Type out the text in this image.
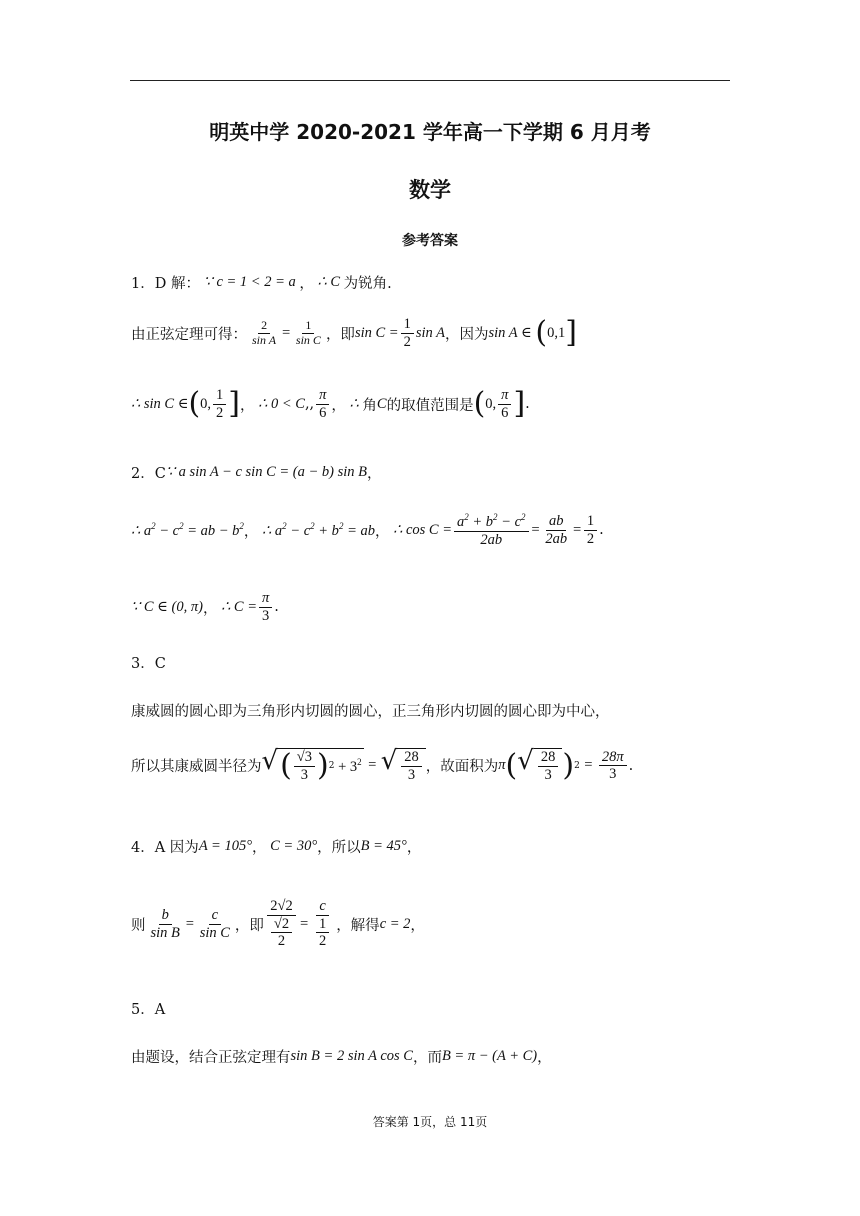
明英中学 2020-2021 学年高一下学期 6 月月考
数学
参考答案
1．D 解： ∵ c = 1 < 2 = a ， ∴ C 为锐角.
由正弦定理可得： $\frac{2}{\text{sin A}} = \frac{1}{\text{sin C}}$ ，即 $\sin C = \frac{1}{2}$ sin A ，因为 sin A ∈ ( 0,1 ]
∴ sin C ∈ ( 0, $\frac{1}{2}$ ] ， ∴ 0 < C ,, $\frac{\pi}{6}$ ， ∴ 角 C 的取值范围是 ( 0, $\frac{\pi}{6}$ ] .
2．C ∵ a sin A − c sin C = (a − b) sin B ，
∴ $a^2 - c^2$ = ab − $b^2$ ， ∴ $a^2 - c^2 + b^2$ = ab ， ∴ $\cos C = \frac{a^2 + b^2 - c^2}{2ab} = \frac{ab}{2ab} = \frac{1}{2}$ .
∵ C ∈ (0, π) ， ∴ $C = \frac{\pi}{3}$ .
3．C
康威圆的圆心即为三角形内切圆的圆心，正三角形内切圆的圆心即为中心，
所以其康威圆半径为 √ ( $\frac{√3}{3}$ ) $2 + 3^2$ = √ $\frac{28}{3}$ ，故面积为 π ( √ $\frac{28}{3}$ ) $2 = \frac{28\pi}{3}$ .
4．A 因为 A = 105° ， C = 30° ，所以 B = 45° ，
则 $\frac{b}{\text{sin B}} = \frac{c}{\text{sin C}}$ ，即 $\frac{2√2}{\frac{√2}{2}} = \frac{c}{\frac{1}{2}}$ ，解得 c = 2 ，
5．A
由题设，结合正弦定理有 sin B = 2 sin A cos C ，而 B = π − (A + C) ，
答案第 1页，总 11页
